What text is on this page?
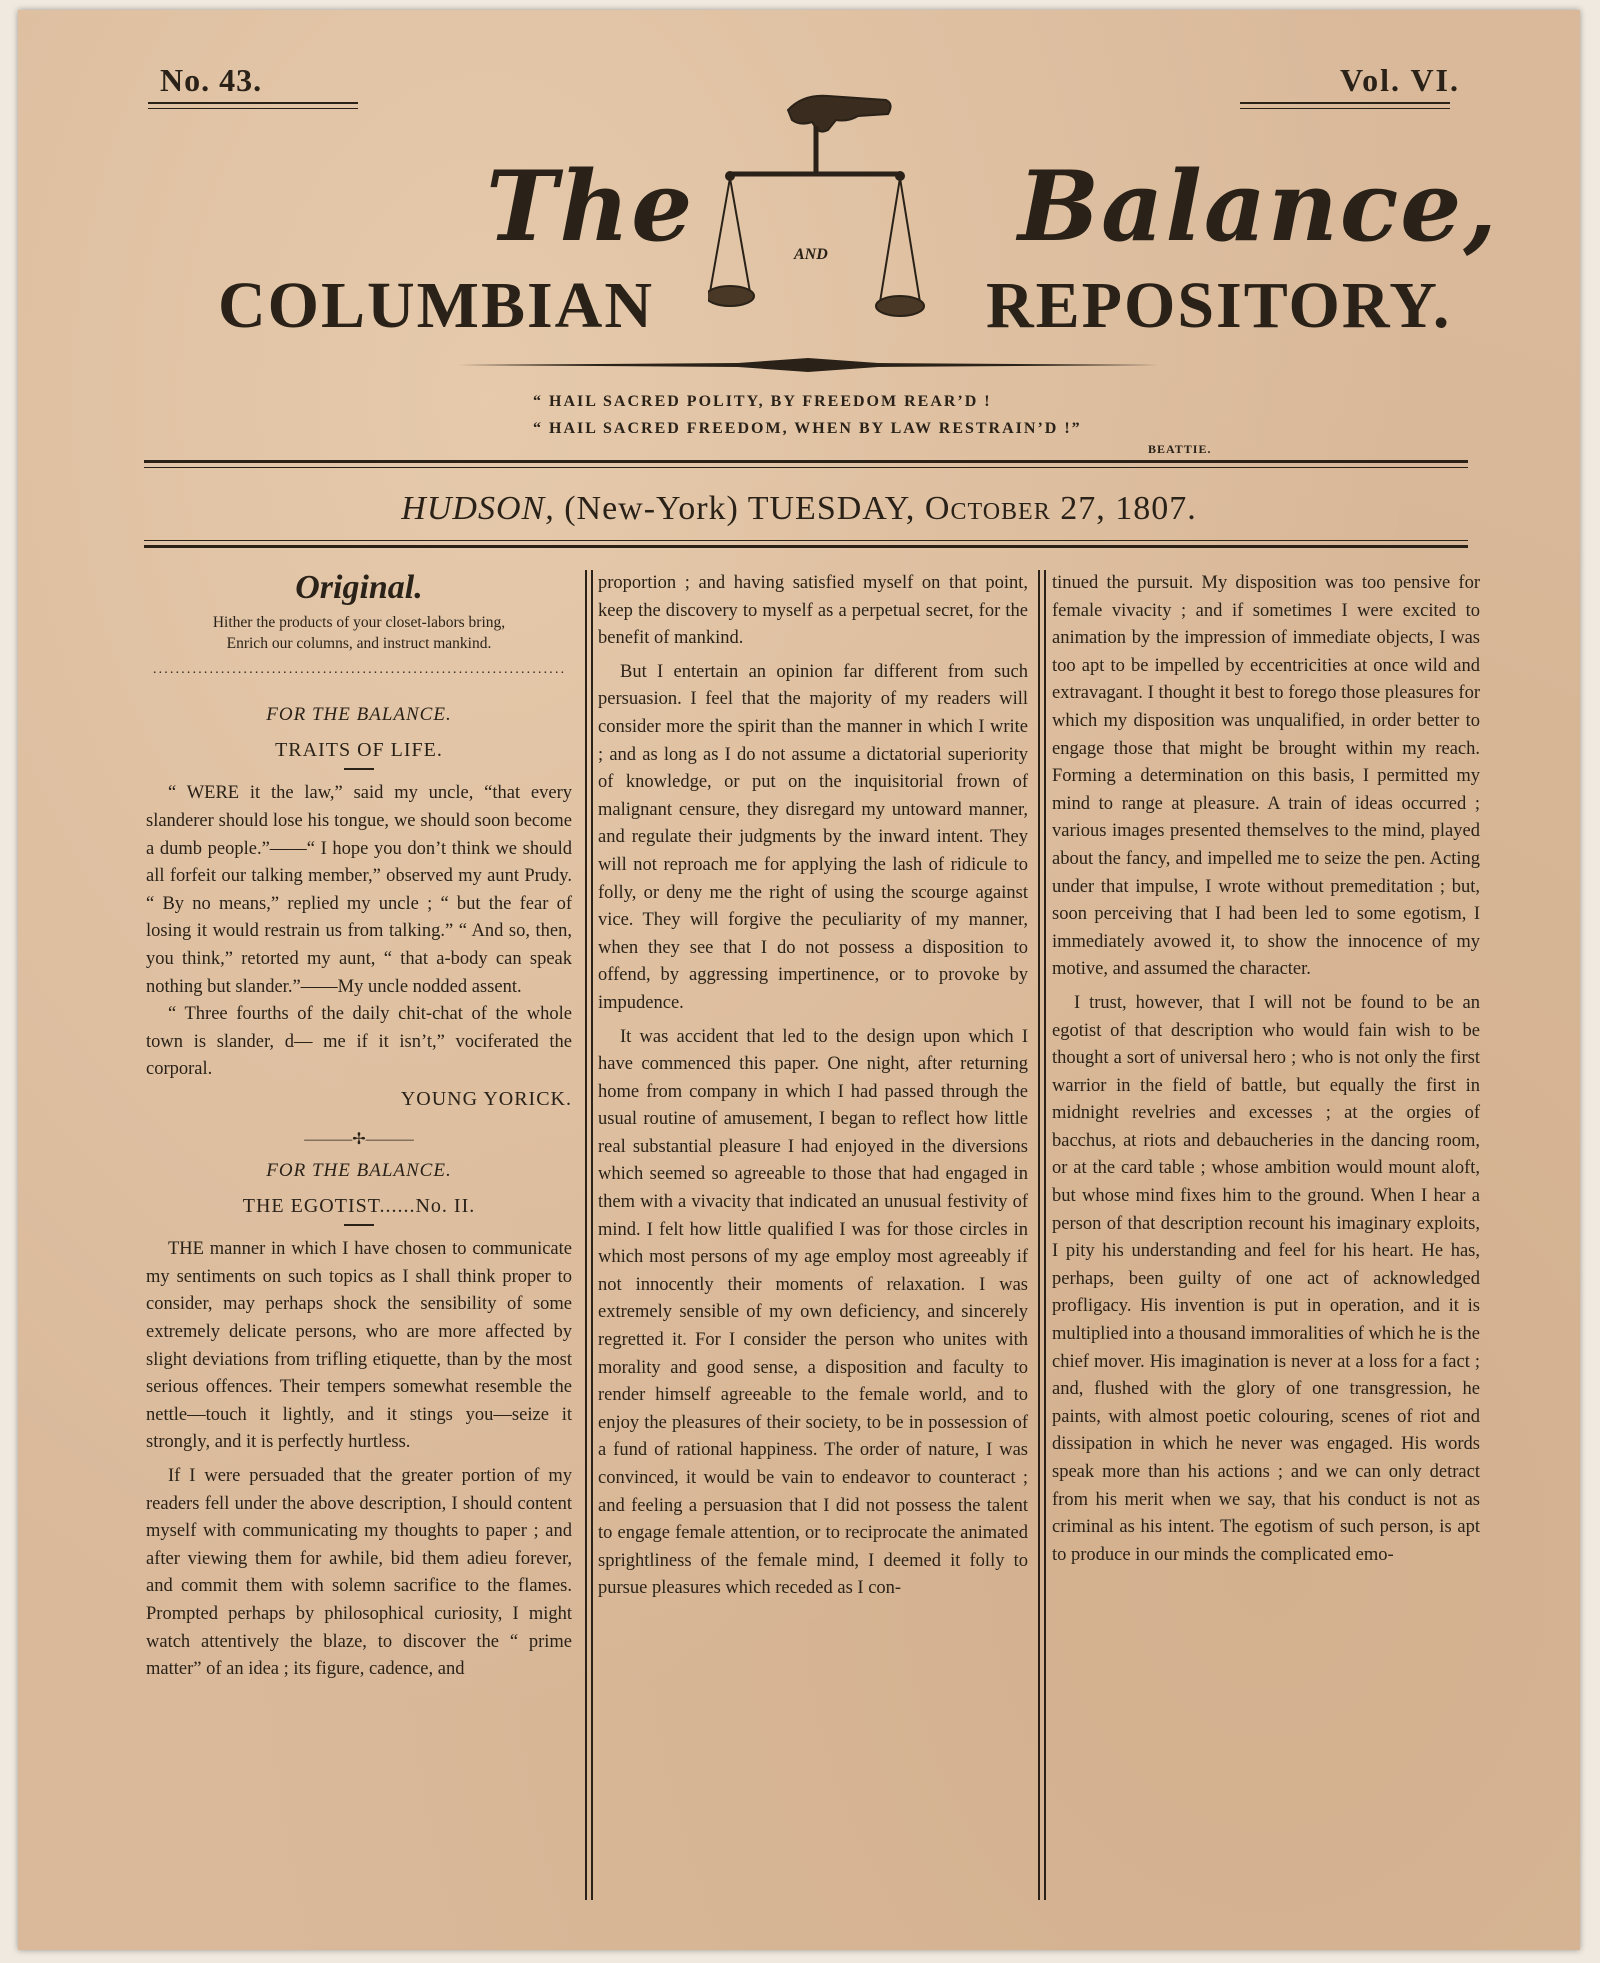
No. 43.	Vol. VI.
The	Balance,
AND
COLUMBIAN	REPOSITORY.
“ HAIL SACRED POLITY, BY FREEDOM REAR’D !
“ HAIL SACRED FREEDOM, WHEN BY LAW RESTRAIN’D !”
BEATTIE.
HUDSON, (New-York) TUESDAY, October 27, 1807.
Original.
Hither the products of your closet-labors bring,
Enrich our columns, and instruct mankind.
·········································································
FOR THE BALANCE.
TRAITS OF LIFE.

“ WERE it the law,” said my uncle, “that every slanderer should lose his tongue, we should soon become a dumb people.”——“ I hope you don’t think we should all forfeit our talking member,” observed my aunt Prudy. “ By no means,” replied my uncle ; “ but the fear of losing it would restrain us from talking.” “ And so, then, you think,” retorted my aunt, “ that a-body can speak nothing but slander.”——My uncle nodded assent.

“ Three fourths of the daily chit-chat of the whole town is slander, d— me if it isn’t,” vociferated the corporal.

YOUNG YORICK.
———✢———
FOR THE BALANCE.
THE EGOTIST......No. II.

THE manner in which I have chosen to communicate my sentiments on such topics as I shall think proper to consider, may perhaps shock the sensibility of some extremely delicate persons, who are more affected by slight deviations from trifling etiquette, than by the most serious offences. Their tempers somewhat resemble the nettle—touch it lightly, and it stings you—seize it strongly, and it is perfectly hurtless.

If I were persuaded that the greater portion of my readers fell under the above description, I should content myself with communicating my thoughts to paper ; and after viewing them for awhile, bid them adieu forever, and commit them with solemn sacrifice to the flames. Prompted perhaps by philosophical curiosity, I might watch attentively the blaze, to discover the “ prime matter” of an idea ; its figure, cadence, and

proportion ; and having satisfied myself on that point, keep the discovery to myself as a perpetual secret, for the benefit of mankind.

But I entertain an opinion far different from such persuasion. I feel that the majority of my readers will consider more the spirit than the manner in which I write ; and as long as I do not assume a dictatorial superiority of knowledge, or put on the inquisitorial frown of malignant censure, they disregard my untoward manner, and regulate their judgments by the inward intent. They will not reproach me for applying the lash of ridicule to folly, or deny me the right of using the scourge against vice. They will forgive the peculiarity of my manner, when they see that I do not possess a disposition to offend, by aggressing impertinence, or to provoke by impudence.

It was accident that led to the design upon which I have commenced this paper. One night, after returning home from company in which I had passed through the usual routine of amusement, I began to reflect how little real substantial pleasure I had enjoyed in the diversions which seemed so agreeable to those that had engaged in them with a vivacity that indicated an unusual festivity of mind. I felt how little qualified I was for those circles in which most persons of my age employ most agreeably if not innocently their moments of relaxation. I was extremely sensible of my own deficiency, and sincerely regretted it. For I consider the person who unites with morality and good sense, a disposition and faculty to render himself agreeable to the female world, and to enjoy the pleasures of their society, to be in possession of a fund of rational happiness. The order of nature, I was convinced, it would be vain to endeavor to counteract ; and feeling a persuasion that I did not possess the talent to engage female attention, or to reciprocate the animated sprightliness of the female mind, I deemed it folly to pursue pleasures which receded as I con-

tinued the pursuit. My disposition was too pensive for female vivacity ; and if sometimes I were excited to animation by the impression of immediate objects, I was too apt to be impelled by eccentricities at once wild and extravagant. I thought it best to forego those pleasures for which my disposition was unqualified, in order better to engage those that might be brought within my reach. Forming a determination on this basis, I permitted my mind to range at pleasure. A train of ideas occurred ; various images presented themselves to the mind, played about the fancy, and impelled me to seize the pen. Acting under that impulse, I wrote without premeditation ; but, soon perceiving that I had been led to some egotism, I immediately avowed it, to show the innocence of my motive, and assumed the character.

I trust, however, that I will not be found to be an egotist of that description who would fain wish to be thought a sort of universal hero ; who is not only the first warrior in the field of battle, but equally the first in midnight revelries and excesses ; at the orgies of bacchus, at riots and debaucheries in the dancing room, or at the card table ; whose ambition would mount aloft, but whose mind fixes him to the ground. When I hear a person of that description recount his imaginary exploits, I pity his understanding and feel for his heart. He has, perhaps, been guilty of one act of acknowledged profligacy. His invention is put in operation, and it is multiplied into a thousand immoralities of which he is the chief mover. His imagination is never at a loss for a fact ; and, flushed with the glory of one transgression, he paints, with almost poetic colouring, scenes of riot and dissipation in which he never was engaged. His words speak more than his actions ; and we can only detract from his merit when we say, that his conduct is not as criminal as his intent. The egotism of such person, is apt to produce in our minds the complicated emo-
